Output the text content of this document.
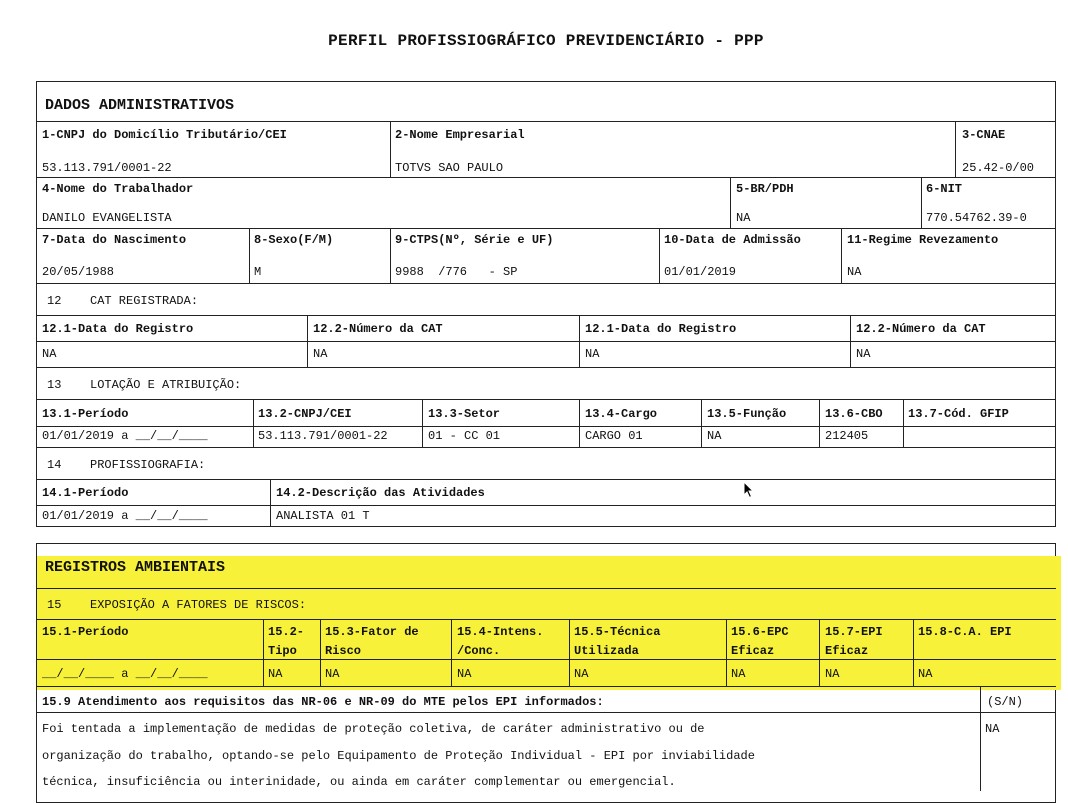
PERFIL PROFISSIOGRÁFICO PREVIDENCIÁRIO - PPP
DADOS ADMINISTRATIVOS
1-CNPJ do Domicílio Tributário/CEI
53.113.791/0001-22
2-Nome Empresarial
TOTVS SAO PAULO
3-CNAE
25.42-0/00
4-Nome do Trabalhador
DANILO EVANGELISTA
5-BR/PDH
NA
6-NIT
770.54762.39-0
7-Data do Nascimento
20/05/1988
8-Sexo(F/M)
M
9-CTPS(Nº, Série e UF)
9988  /776   - SP
10-Data de Admissão
01/01/2019
11-Regime Revezamento
NA
12 CAT REGISTRADA:
12.1-Data do Registro
NA
12.2-Número da CAT
NA
12.1-Data do Registro
NA
12.2-Número da CAT
NA
13 LOTAÇÃO E ATRIBUIÇÃO:
13.1-Período
01/01/2019 a __/__/____
13.2-CNPJ/CEI
53.113.791/0001-22
13.3-Setor
01 - CC 01
13.4-Cargo
CARGO 01
13.5-Função
NA
13.6-CBO
212405
13.7-Cód. GFIP
14 PROFISSIOGRAFIA:
14.1-Período
01/01/2019 a __/__/____
14.2-Descrição das Atividades
ANALISTA 01 T
REGISTROS AMBIENTAIS
15 EXPOSIÇÃO A FATORES DE RISCOS:
15.1-Período
__/__/____ a __/__/____
15.2-
Tipo
NA
15.3-Fator de
Risco
NA
15.4-Intens.
/Conc.
NA
15.5-Técnica
Utilizada
NA
15.6-EPC
Eficaz
NA
15.7-EPI
Eficaz
NA
15.8-C.A. EPI
NA
15.9 Atendimento aos requisitos das NR-06 e NR-09 do MTE pelos EPI informados:	(S/N)
NA
Foi tentada a implementação de medidas de proteção coletiva, de caráter administrativo ou de
organização do trabalho, optando-se pelo Equipamento de Proteção Individual - EPI por inviabilidade
técnica, insuficiência ou interinidade, ou ainda em caráter complementar ou emergencial.
